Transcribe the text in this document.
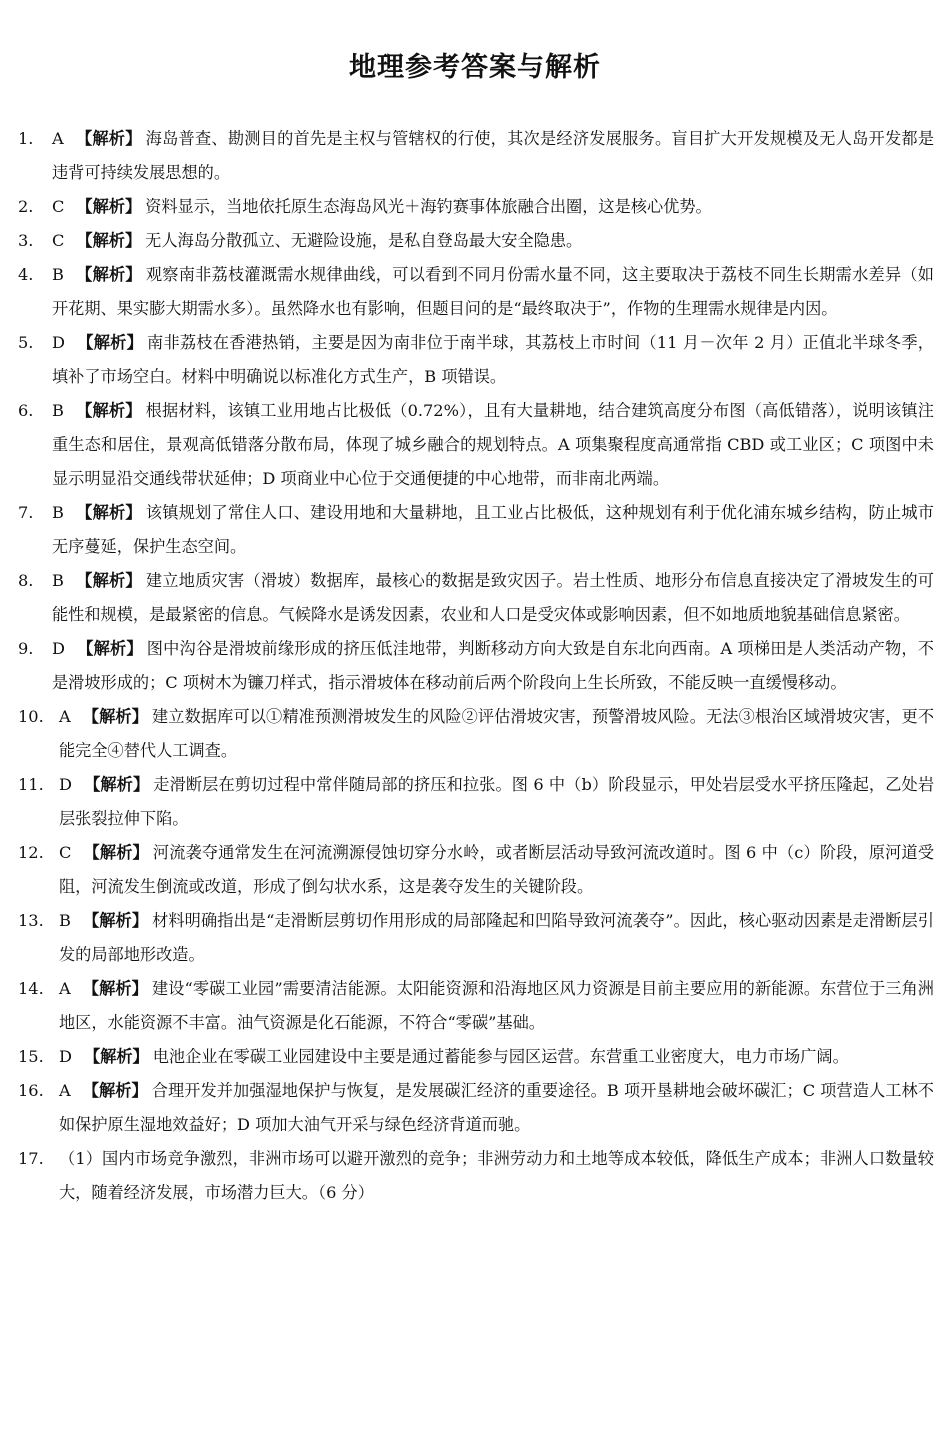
地理参考答案与解析
1. A 【解析】 海岛普查、勘测目的首先是主权与管辖权的行使，其次是经济发展服务。盲目扩大开发规模及无人岛开发都是违背可持续发展思想的。
2. C 【解析】 资料显示，当地依托原生态海岛风光＋海钓赛事体旅融合出圈，这是核心优势。
3. C 【解析】 无人海岛分散孤立、无避险设施，是私自登岛最大安全隐患。
4. B 【解析】 观察南非荔枝灌溉需水规律曲线，可以看到不同月份需水量不同，这主要取决于荔枝不同生长期需水差异（如开花期、果实膨大期需水多）。虽然降水也有影响，但题目问的是“最终取决于”，作物的生理需水规律是内因。
5. D 【解析】 南非荔枝在香港热销，主要是因为南非位于南半球，其荔枝上市时间（11 月－次年 2 月）正值北半球冬季，填补了市场空白。材料中明确说以标准化方式生产，B 项错误。
6. B 【解析】 根据材料，该镇工业用地占比极低（0.72%），且有大量耕地，结合建筑高度分布图（高低错落），说明该镇注重生态和居住，景观高低错落分散布局，体现了城乡融合的规划特点。A 项集聚程度高通常指 CBD 或工业区；C 项图中未显示明显沿交通线带状延伸；D 项商业中心位于交通便捷的中心地带，而非南北两端。
7. B 【解析】 该镇规划了常住人口、建设用地和大量耕地，且工业占比极低，这种规划有利于优化浦东城乡结构，防止城市无序蔓延，保护生态空间。
8. B 【解析】 建立地质灾害（滑坡）数据库，最核心的数据是致灾因子。岩土性质、地形分布信息直接决定了滑坡发生的可能性和规模，是最紧密的信息。气候降水是诱发因素，农业和人口是受灾体或影响因素，但不如地质地貌基础信息紧密。
9. D 【解析】 图中沟谷是滑坡前缘形成的挤压低洼地带，判断移动方向大致是自东北向西南。A 项梯田是人类活动产物，不是滑坡形成的；C 项树木为镰刀样式，指示滑坡体在移动前后两个阶段向上生长所致，不能反映一直缓慢移动。
10. A 【解析】 建立数据库可以①精准预测滑坡发生的风险②评估滑坡灾害，预警滑坡风险。无法③根治区域滑坡灾害，更不能完全④替代人工调查。
11. D 【解析】 走滑断层在剪切过程中常伴随局部的挤压和拉张。图 6 中（b）阶段显示，甲处岩层受水平挤压隆起，乙处岩层张裂拉伸下陷。
12. C 【解析】 河流袭夺通常发生在河流溯源侵蚀切穿分水岭，或者断层活动导致河流改道时。图 6 中（c）阶段，原河道受阻，河流发生倒流或改道，形成了倒勾状水系，这是袭夺发生的关键阶段。
13. B 【解析】 材料明确指出是“走滑断层剪切作用形成的局部隆起和凹陷导致河流袭夺”。因此，核心驱动因素是走滑断层引发的局部地形改造。
14. A 【解析】 建设“零碳工业园”需要清洁能源。太阳能资源和沿海地区风力资源是目前主要应用的新能源。东营位于三角洲地区，水能资源不丰富。油气资源是化石能源，不符合“零碳”基础。
15. D 【解析】 电池企业在零碳工业园建设中主要是通过蓄能参与园区运营。东营重工业密度大，电力市场广阔。
16. A 【解析】 合理开发并加强湿地保护与恢复，是发展碳汇经济的重要途径。B 项开垦耕地会破坏碳汇；C 项营造人工林不如保护原生湿地效益好；D 项加大油气开采与绿色经济背道而驰。
17. （1）国内市场竞争激烈，非洲市场可以避开激烈的竞争；非洲劳动力和土地等成本较低，降低生产成本；非洲人口数量较大，随着经济发展，市场潜力巨大。（6 分）
